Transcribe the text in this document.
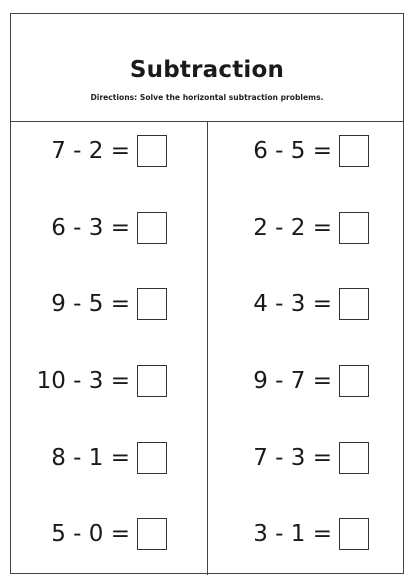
Subtraction
Directions: Solve the horizontal subtraction problems.
7 - 2 =
6 - 3 =
9 - 5 =
10 - 3 =
8 - 1 =
5 - 0 =
6 - 5 =
2 - 2 =
4 - 3 =
9 - 7 =
7 - 3 =
3 - 1 =
